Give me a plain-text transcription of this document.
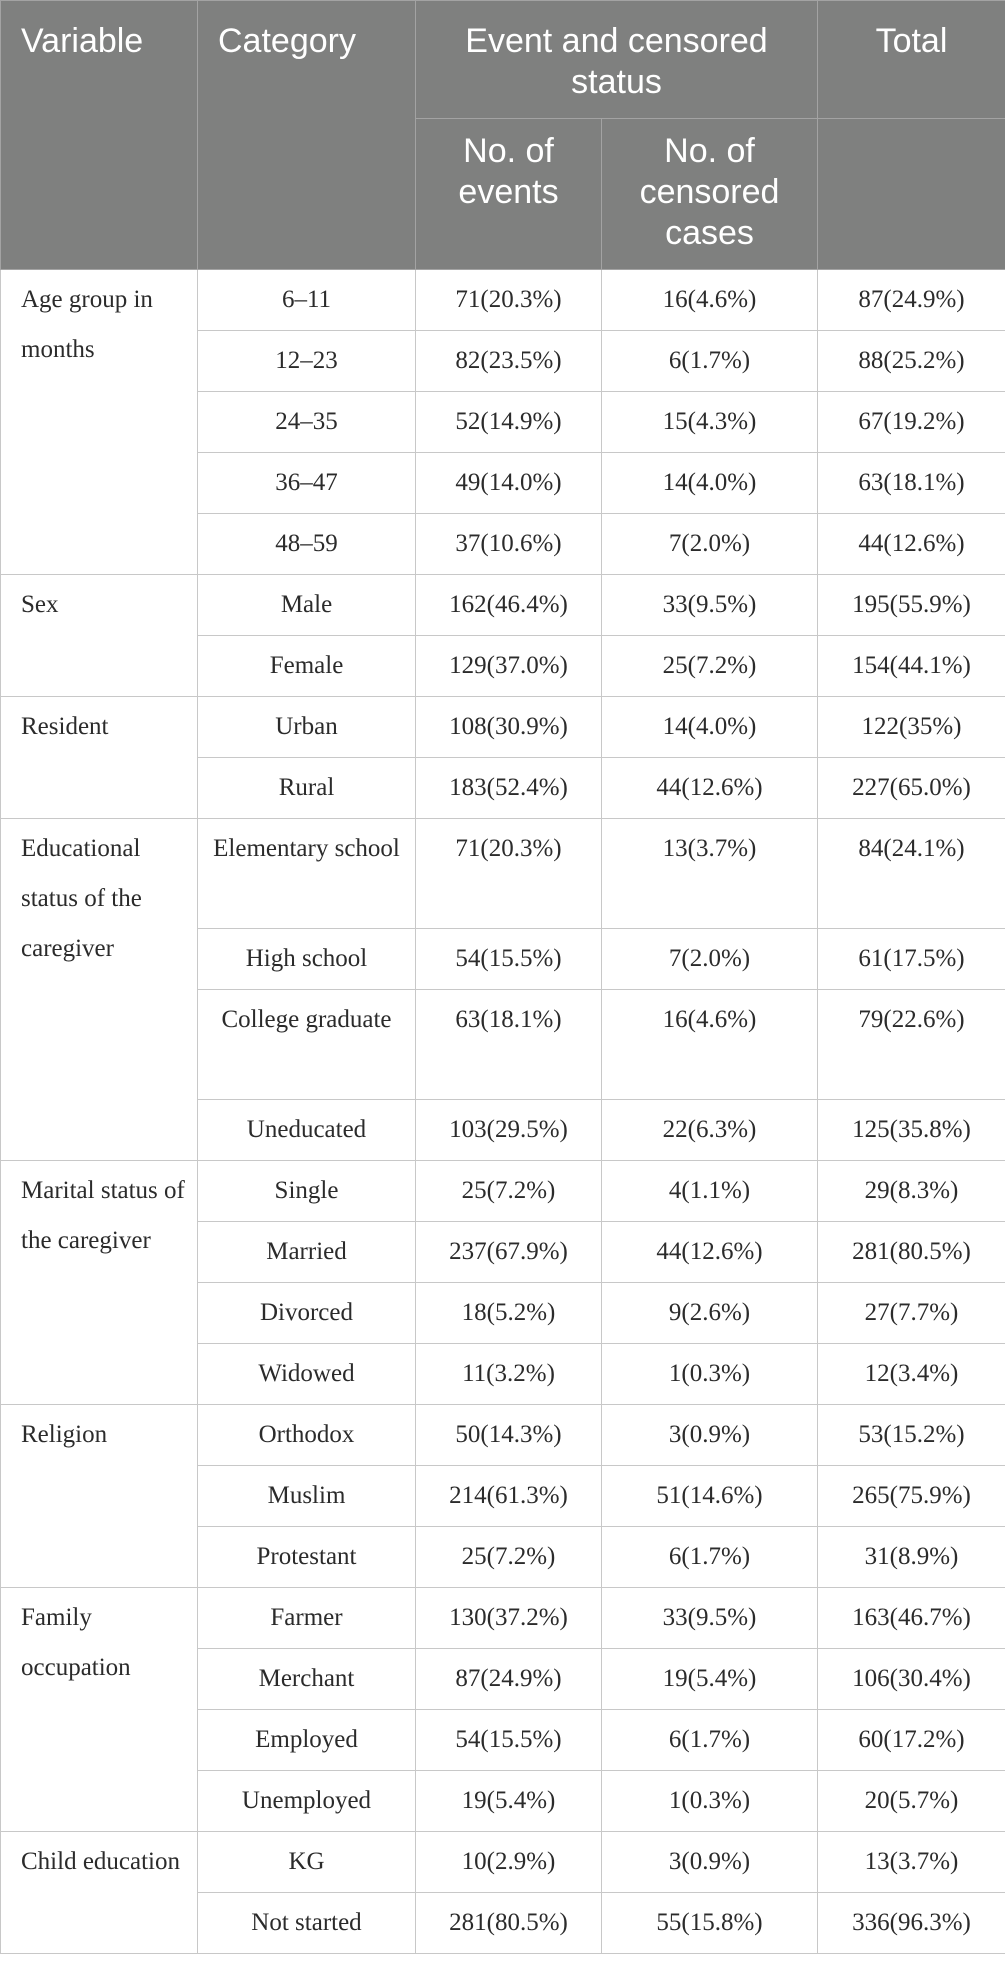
Variable	Category	Event and censored status		Total
		No. of events	No. of censored cases	
Age group in months	6–11	71(20.3%)	16(4.6%)	87(24.9%)
	12–23	82(23.5%)	6(1.7%)	88(25.2%)
	24–35	52(14.9%)	15(4.3%)	67(19.2%)
	36–47	49(14.0%)	14(4.0%)	63(18.1%)
	48–59	37(10.6%)	7(2.0%)	44(12.6%)
Sex	Male	162(46.4%)	33(9.5%)	195(55.9%)
	Female	129(37.0%)	25(7.2%)	154(44.1%)
Resident	Urban	108(30.9%)	14(4.0%)	122(35%)
	Rural	183(52.4%)	44(12.6%)	227(65.0%)
Educational status of the caregiver	Elementary school	71(20.3%)	13(3.7%)	84(24.1%)
	High school	54(15.5%)	7(2.0%)	61(17.5%)
	College graduate	63(18.1%)	16(4.6%)	79(22.6%)
	Uneducated	103(29.5%)	22(6.3%)	125(35.8%)
Marital status of the caregiver	Single	25(7.2%)	4(1.1%)	29(8.3%)
	Married	237(67.9%)	44(12.6%)	281(80.5%)
	Divorced	18(5.2%)	9(2.6%)	27(7.7%)
	Widowed	11(3.2%)	1(0.3%)	12(3.4%)
Religion	Orthodox	50(14.3%)	3(0.9%)	53(15.2%)
	Muslim	214(61.3%)	51(14.6%)	265(75.9%)
	Protestant	25(7.2%)	6(1.7%)	31(8.9%)
Family occupation	Farmer	130(37.2%)	33(9.5%)	163(46.7%)
	Merchant	87(24.9%)	19(5.4%)	106(30.4%)
	Employed	54(15.5%)	6(1.7%)	60(17.2%)
	Unemployed	19(5.4%)	1(0.3%)	20(5.7%)
Child education	KG	10(2.9%)	3(0.9%)	13(3.7%)
	Not started	281(80.5%)	55(15.8%)	336(96.3%)
